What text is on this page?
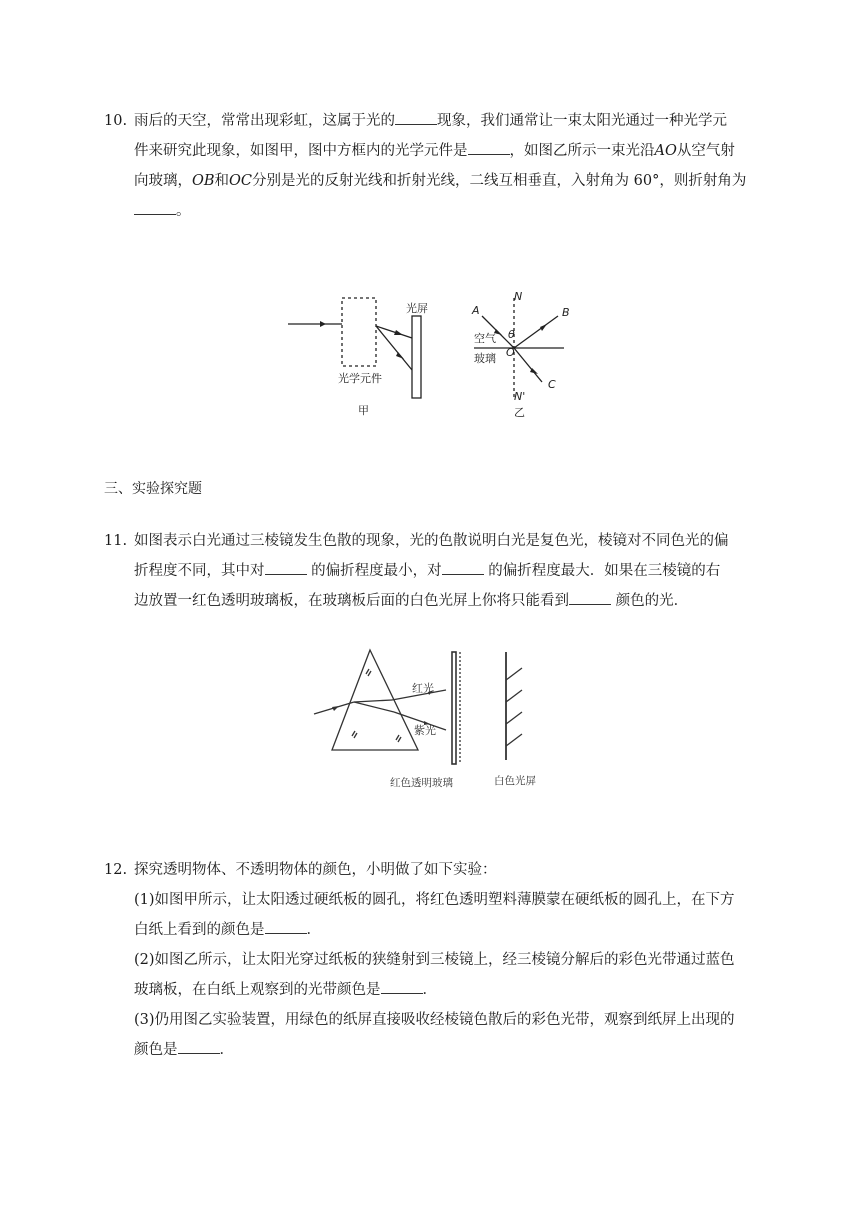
10. 雨后的天空，常常出现彩虹，这属于光的	现象，我们通常让一束太阳光通过一种光学元

件来研究此现象，如图甲，图中方框内的光学元件是	，如图乙所示一束光沿AO从空气射

向玻璃，OB和OC分别是光的反射光线和折射光线，二线互相垂直，入射角为 60°，则折射角为

。

光学元件
光屏
甲
A	B
C
N
N'
O
θ
空气
玻璃
乙
三、实验探究题
11. 如图表示白光通过三棱镜发生色散的现象，光的色散说明白光是复色光，棱镜对不同色光的偏

折程度不同，其中对	的偏折程度最小，对	的偏折程度最大．如果在三棱镜的右

边放置一红色透明玻璃板，在玻璃板后面的白色光屏上你将只能看到	颜色的光．

红光
紫光
红色透明玻璃	白色光屏
12. 探究透明物体、不透明物体的颜色，小明做了如下实验：

(1)如图甲所示，让太阳透过硬纸板的圆孔，将红色透明塑料薄膜蒙在硬纸板的圆孔上，在下方

白纸上看到的颜色是	．

(2)如图乙所示，让太阳光穿过纸板的狭缝射到三棱镜上，经三棱镜分解后的彩色光带通过蓝色

玻璃板，在白纸上观察到的光带颜色是	．

(3)仍用图乙实验装置，用绿色的纸屏直接吸收经棱镜色散后的彩色光带，观察到纸屏上出现的

颜色是	．
